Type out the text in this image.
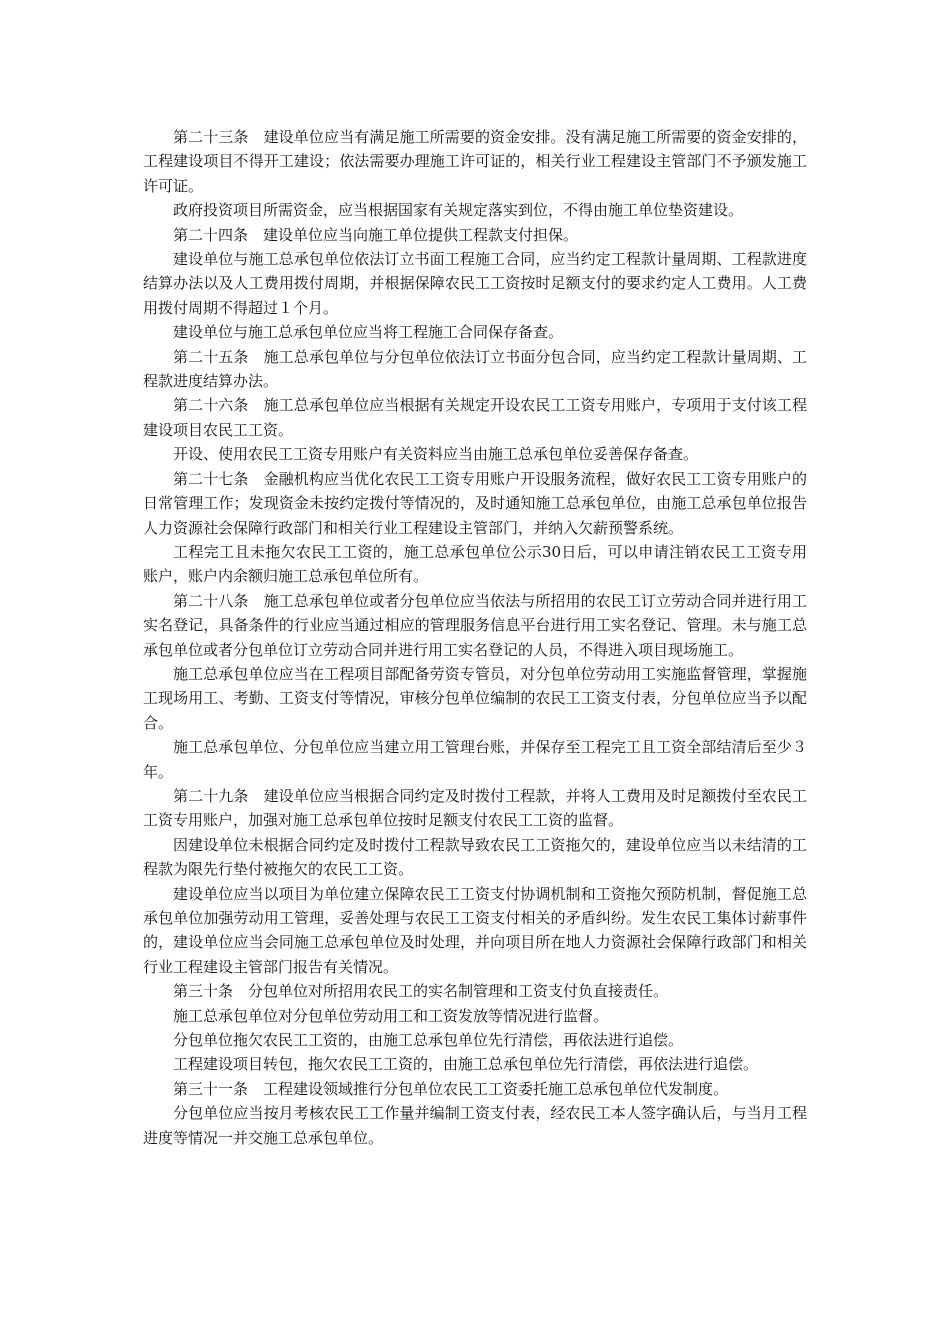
第二十三条　建设单位应当有满足施工所需要的资金安排。没有满足施工所需要的资金安排的，工程建设项目不得开工建设；依法需要办理施工许可证的，相关行业工程建设主管部门不予颁发施工许可证。

政府投资项目所需资金，应当根据国家有关规定落实到位，不得由施工单位垫资建设。

第二十四条　建设单位应当向施工单位提供工程款支付担保。

建设单位与施工总承包单位依法订立书面工程施工合同，应当约定工程款计量周期、工程款进度结算办法以及人工费用拨付周期，并根据保障农民工工资按时足额支付的要求约定人工费用。人工费用拨付周期不得超过１个月。

建设单位与施工总承包单位应当将工程施工合同保存备查。

第二十五条　施工总承包单位与分包单位依法订立书面分包合同，应当约定工程款计量周期、工程款进度结算办法。

第二十六条　施工总承包单位应当根据有关规定开设农民工工资专用账户，专项用于支付该工程建设项目农民工工资。

开设、使用农民工工资专用账户有关资料应当由施工总承包单位妥善保存备查。

第二十七条　金融机构应当优化农民工工资专用账户开设服务流程，做好农民工工资专用账户的日常管理工作；发现资金未按约定拨付等情况的，及时通知施工总承包单位，由施工总承包单位报告人力资源社会保障行政部门和相关行业工程建设主管部门，并纳入欠薪预警系统。

工程完工且未拖欠农民工工资的，施工总承包单位公示30日后，可以申请注销农民工工资专用账户，账户内余额归施工总承包单位所有。

第二十八条　施工总承包单位或者分包单位应当依法与所招用的农民工订立劳动合同并进行用工实名登记，具备条件的行业应当通过相应的管理服务信息平台进行用工实名登记、管理。未与施工总承包单位或者分包单位订立劳动合同并进行用工实名登记的人员，不得进入项目现场施工。

施工总承包单位应当在工程项目部配备劳资专管员，对分包单位劳动用工实施监督管理，掌握施工现场用工、考勤、工资支付等情况，审核分包单位编制的农民工工资支付表，分包单位应当予以配合。

施工总承包单位、分包单位应当建立用工管理台账，并保存至工程完工且工资全部结清后至少３年。

第二十九条　建设单位应当根据合同约定及时拨付工程款，并将人工费用及时足额拨付至农民工工资专用账户，加强对施工总承包单位按时足额支付农民工工资的监督。

因建设单位未根据合同约定及时拨付工程款导致农民工工资拖欠的，建设单位应当以未结清的工程款为限先行垫付被拖欠的农民工工资。

建设单位应当以项目为单位建立保障农民工工资支付协调机制和工资拖欠预防机制，督促施工总承包单位加强劳动用工管理，妥善处理与农民工工资支付相关的矛盾纠纷。发生农民工集体讨薪事件的，建设单位应当会同施工总承包单位及时处理，并向项目所在地人力资源社会保障行政部门和相关行业工程建设主管部门报告有关情况。

第三十条　分包单位对所招用农民工的实名制管理和工资支付负直接责任。

施工总承包单位对分包单位劳动用工和工资发放等情况进行监督。

分包单位拖欠农民工工资的，由施工总承包单位先行清偿，再依法进行追偿。

工程建设项目转包，拖欠农民工工资的，由施工总承包单位先行清偿，再依法进行追偿。

第三十一条　工程建设领域推行分包单位农民工工资委托施工总承包单位代发制度。

分包单位应当按月考核农民工工作量并编制工资支付表，经农民工本人签字确认后，与当月工程进度等情况一并交施工总承包单位。
